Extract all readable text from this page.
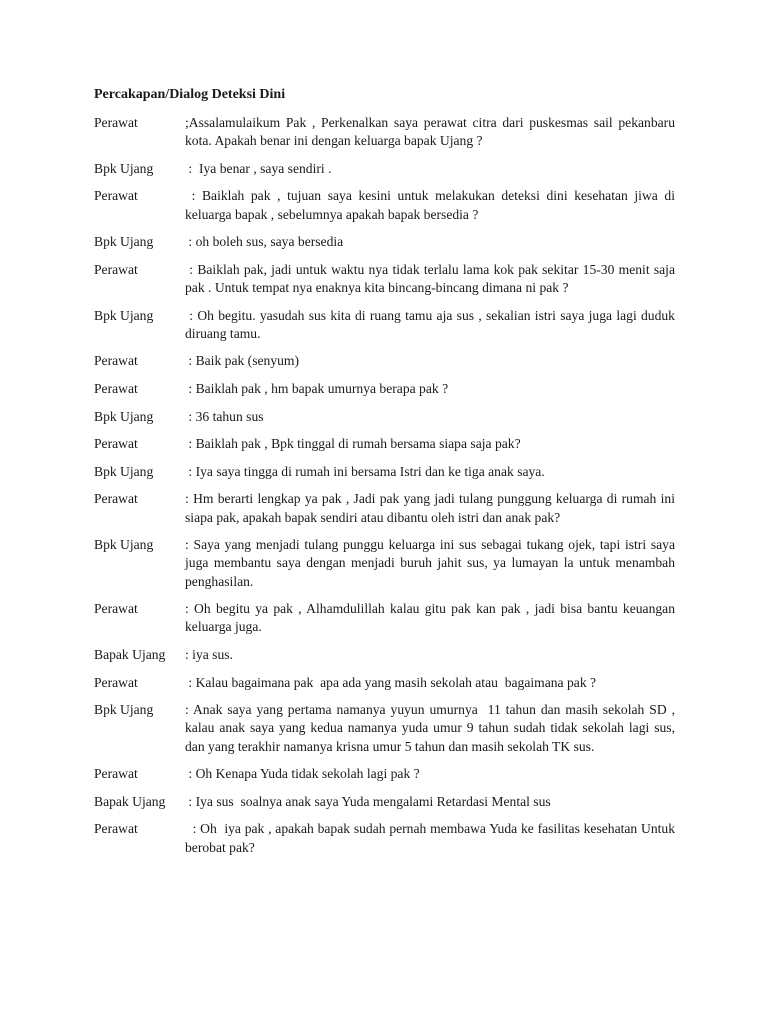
Percakapan/Dialog Deteksi Dini
Perawat	;Assalamulaikum Pak , Perkenalkan saya perawat citra dari puskesmas sail pekanbaru kota. Apakah benar ini dengan keluarga bapak Ujang ?
Bpk Ujang	:  Iya benar , saya sendiri .
Perawat	: Baiklah pak , tujuan saya kesini untuk melakukan deteksi dini kesehatan jiwa di keluarga bapak , sebelumnya apakah bapak bersedia ?
Bpk Ujang	: oh boleh sus, saya bersedia
Perawat	: Baiklah pak, jadi untuk waktu nya tidak terlalu lama kok pak sekitar 15-30 menit saja  pak . Untuk tempat nya enaknya kita bincang-bincang dimana ni pak ?
Bpk Ujang	: Oh begitu. yasudah sus kita di ruang tamu aja sus , sekalian istri saya juga lagi duduk diruang tamu.
Perawat	: Baik pak (senyum)
Perawat	: Baiklah pak , hm bapak umurnya berapa pak ?
Bpk Ujang	: 36 tahun sus
Perawat	: Baiklah pak , Bpk tinggal di rumah bersama siapa saja pak?
Bpk Ujang	: Iya saya tingga di rumah ini bersama Istri dan ke tiga anak saya.
Perawat	: Hm berarti lengkap ya pak , Jadi pak yang jadi tulang punggung keluarga di rumah ini siapa pak, apakah bapak sendiri atau dibantu oleh istri dan anak pak?
Bpk Ujang	: Saya yang menjadi tulang punggu keluarga ini sus sebagai tukang ojek, tapi istri saya juga membantu saya dengan menjadi buruh jahit sus, ya lumayan la untuk menambah penghasilan.
Perawat	: Oh begitu ya pak , Alhamdulillah kalau gitu pak kan pak , jadi bisa bantu keuangan keluarga juga.
Bapak Ujang	: iya sus.
Perawat	: Kalau bagaimana pak  apa ada yang masih sekolah atau  bagaimana pak ?
Bpk Ujang	: Anak saya yang pertama namanya yuyun umurnya  11 tahun dan masih sekolah SD , kalau anak saya yang kedua namanya yuda umur 9 tahun sudah tidak sekolah lagi sus, dan yang terakhir namanya krisna umur 5 tahun dan masih sekolah TK sus.
Perawat	: Oh Kenapa Yuda tidak sekolah lagi pak ?
Bapak Ujang	: Iya sus  soalnya anak saya Yuda mengalami Retardasi Mental sus
Perawat	: Oh  iya pak , apakah bapak sudah pernah membawa Yuda ke fasilitas kesehatan Untuk berobat pak?
